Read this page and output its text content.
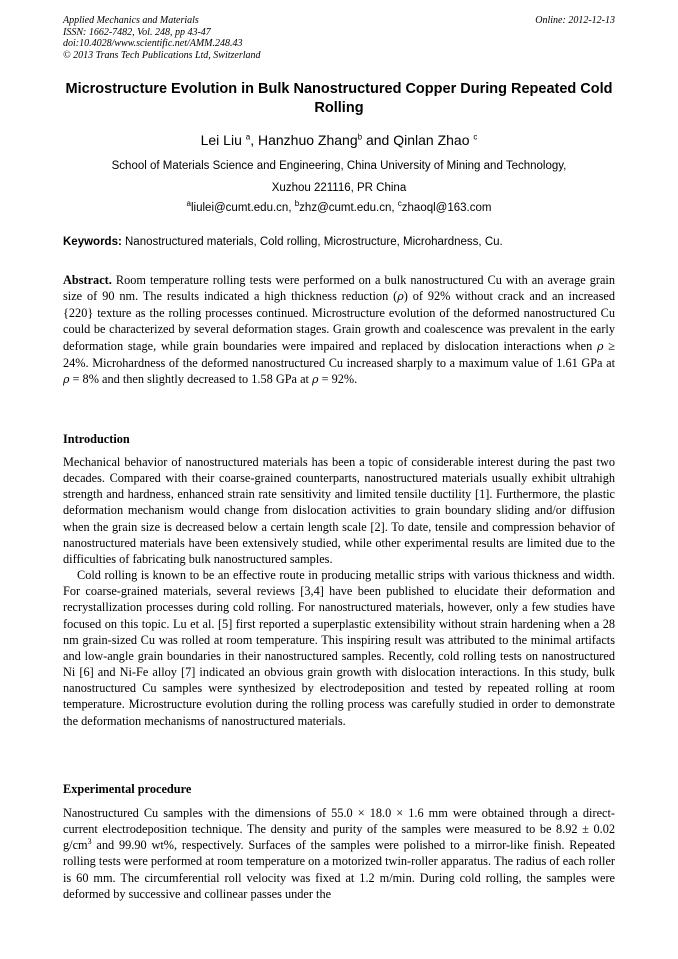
Applied Mechanics and Materials
ISSN: 1662-7482, Vol. 248, pp 43-47
doi:10.4028/www.scientific.net/AMM.248.43
© 2013 Trans Tech Publications Ltd, Switzerland
Online: 2012-12-13
Microstructure Evolution in Bulk Nanostructured Copper During Repeated Cold Rolling
Lei Liu $^a$, Hanzhuo Zhang$^b$ and Qinlan Zhao $^c$
School of Materials Science and Engineering, China University of Mining and Technology,
Xuzhou 221116, PR China
$^a$liulei@cumt.edu.cn, $^b$zhz@cumt.edu.cn, $^c$zhaoql@163.com
Keywords: Nanostructured materials, Cold rolling, Microstructure, Microhardness, Cu.
Abstract. Room temperature rolling tests were performed on a bulk nanostructured Cu with an average grain size of 90 nm. The results indicated a high thickness reduction (ρ) of 92% without crack and an increased {220} texture as the rolling processes continued. Microstructure evolution of the deformed nanostructured Cu could be characterized by several deformation stages. Grain growth and coalescence was prevalent in the early deformation stage, while grain boundaries were impaired and replaced by dislocation interactions when ρ ≥ 24%. Microhardness of the deformed nanostructured Cu increased sharply to a maximum value of 1.61 GPa at ρ = 8% and then slightly decreased to 1.58 GPa at ρ = 92%.
Introduction

Mechanical behavior of nanostructured materials has been a topic of considerable interest during the past two decades. Compared with their coarse-grained counterparts, nanostructured materials usually exhibit ultrahigh strength and hardness, enhanced strain rate sensitivity and limited tensile ductility [1]. Furthermore, the plastic deformation mechanism would change from dislocation activities to grain boundary sliding and/or diffusion when the grain size is decreased below a certain length scale [2]. To date, tensile and compression behavior of nanostructured materials have been extensively studied, while other experimental results are limited due to the difficulties of fabricating bulk nanostructured samples.

Cold rolling is known to be an effective route in producing metallic strips with various thickness and width. For coarse-grained materials, several reviews [3,4] have been published to elucidate their deformation and recrystallization processes during cold rolling. For nanostructured materials, however, only a few studies have focused on this topic. Lu et al. [5] first reported a superplastic extensibility without strain hardening when a 28 nm grain-sized Cu was rolled at room temperature. This inspiring result was attributed to the minimal artifacts and low-angle grain boundaries in their nanostructured samples. Recently, cold rolling tests on nanostructured Ni [6] and Ni-Fe alloy [7] indicated an obvious grain growth with dislocation interactions. In this study, bulk nanostructured Cu samples were synthesized by electrodeposition and tested by repeated rolling at room temperature. Microstructure evolution during the rolling process was carefully studied in order to demonstrate the deformation mechanisms of nanostructured materials.

Experimental procedure

Nanostructured Cu samples with the dimensions of 55.0 × 18.0 × 1.6 mm were obtained through a direct-current electrodeposition technique. The density and purity of the samples were measured to be 8.92 ± 0.02 $g/cm^3$ and 99.90 wt%, respectively. Surfaces of the samples were polished to a mirror-like finish. Repeated rolling tests were performed at room temperature on a motorized twin-roller apparatus. The radius of each roller is 60 mm. The circumferential roll velocity was fixed at 1.2 m/min. During cold rolling, the samples were deformed by successive and collinear passes under the
